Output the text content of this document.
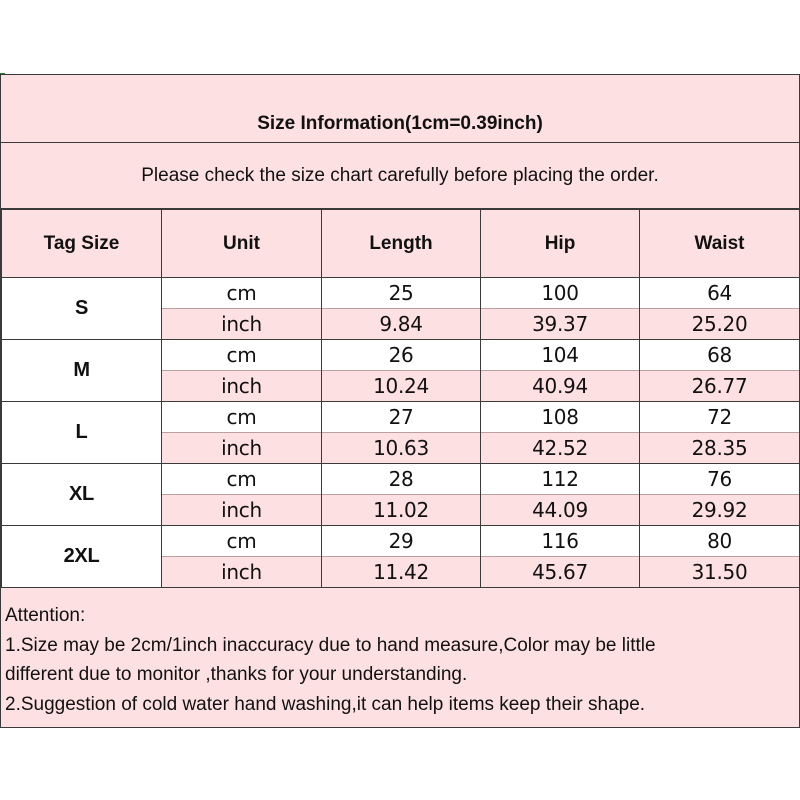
Size Information(1cm=0.39inch)
Please check the size chart carefully before placing the order.
Tag Size	Unit	Length	Hip	Waist
S	cm	25	100	64
	inch	9.84	39.37	25.20
M	cm	26	104	68
	inch	10.24	40.94	26.77
L	cm	27	108	72
	inch	10.63	42.52	28.35
XL	cm	28	112	76
	inch	11.02	44.09	29.92
2XL	cm	29	116	80
	inch	11.42	45.67	31.50
Attention:
1.Size may be 2cm/1inch inaccuracy due to hand measure,Color may be little
different due to monitor ,thanks for your understanding.
2.Suggestion of cold water hand washing,it can help items keep their shape.
